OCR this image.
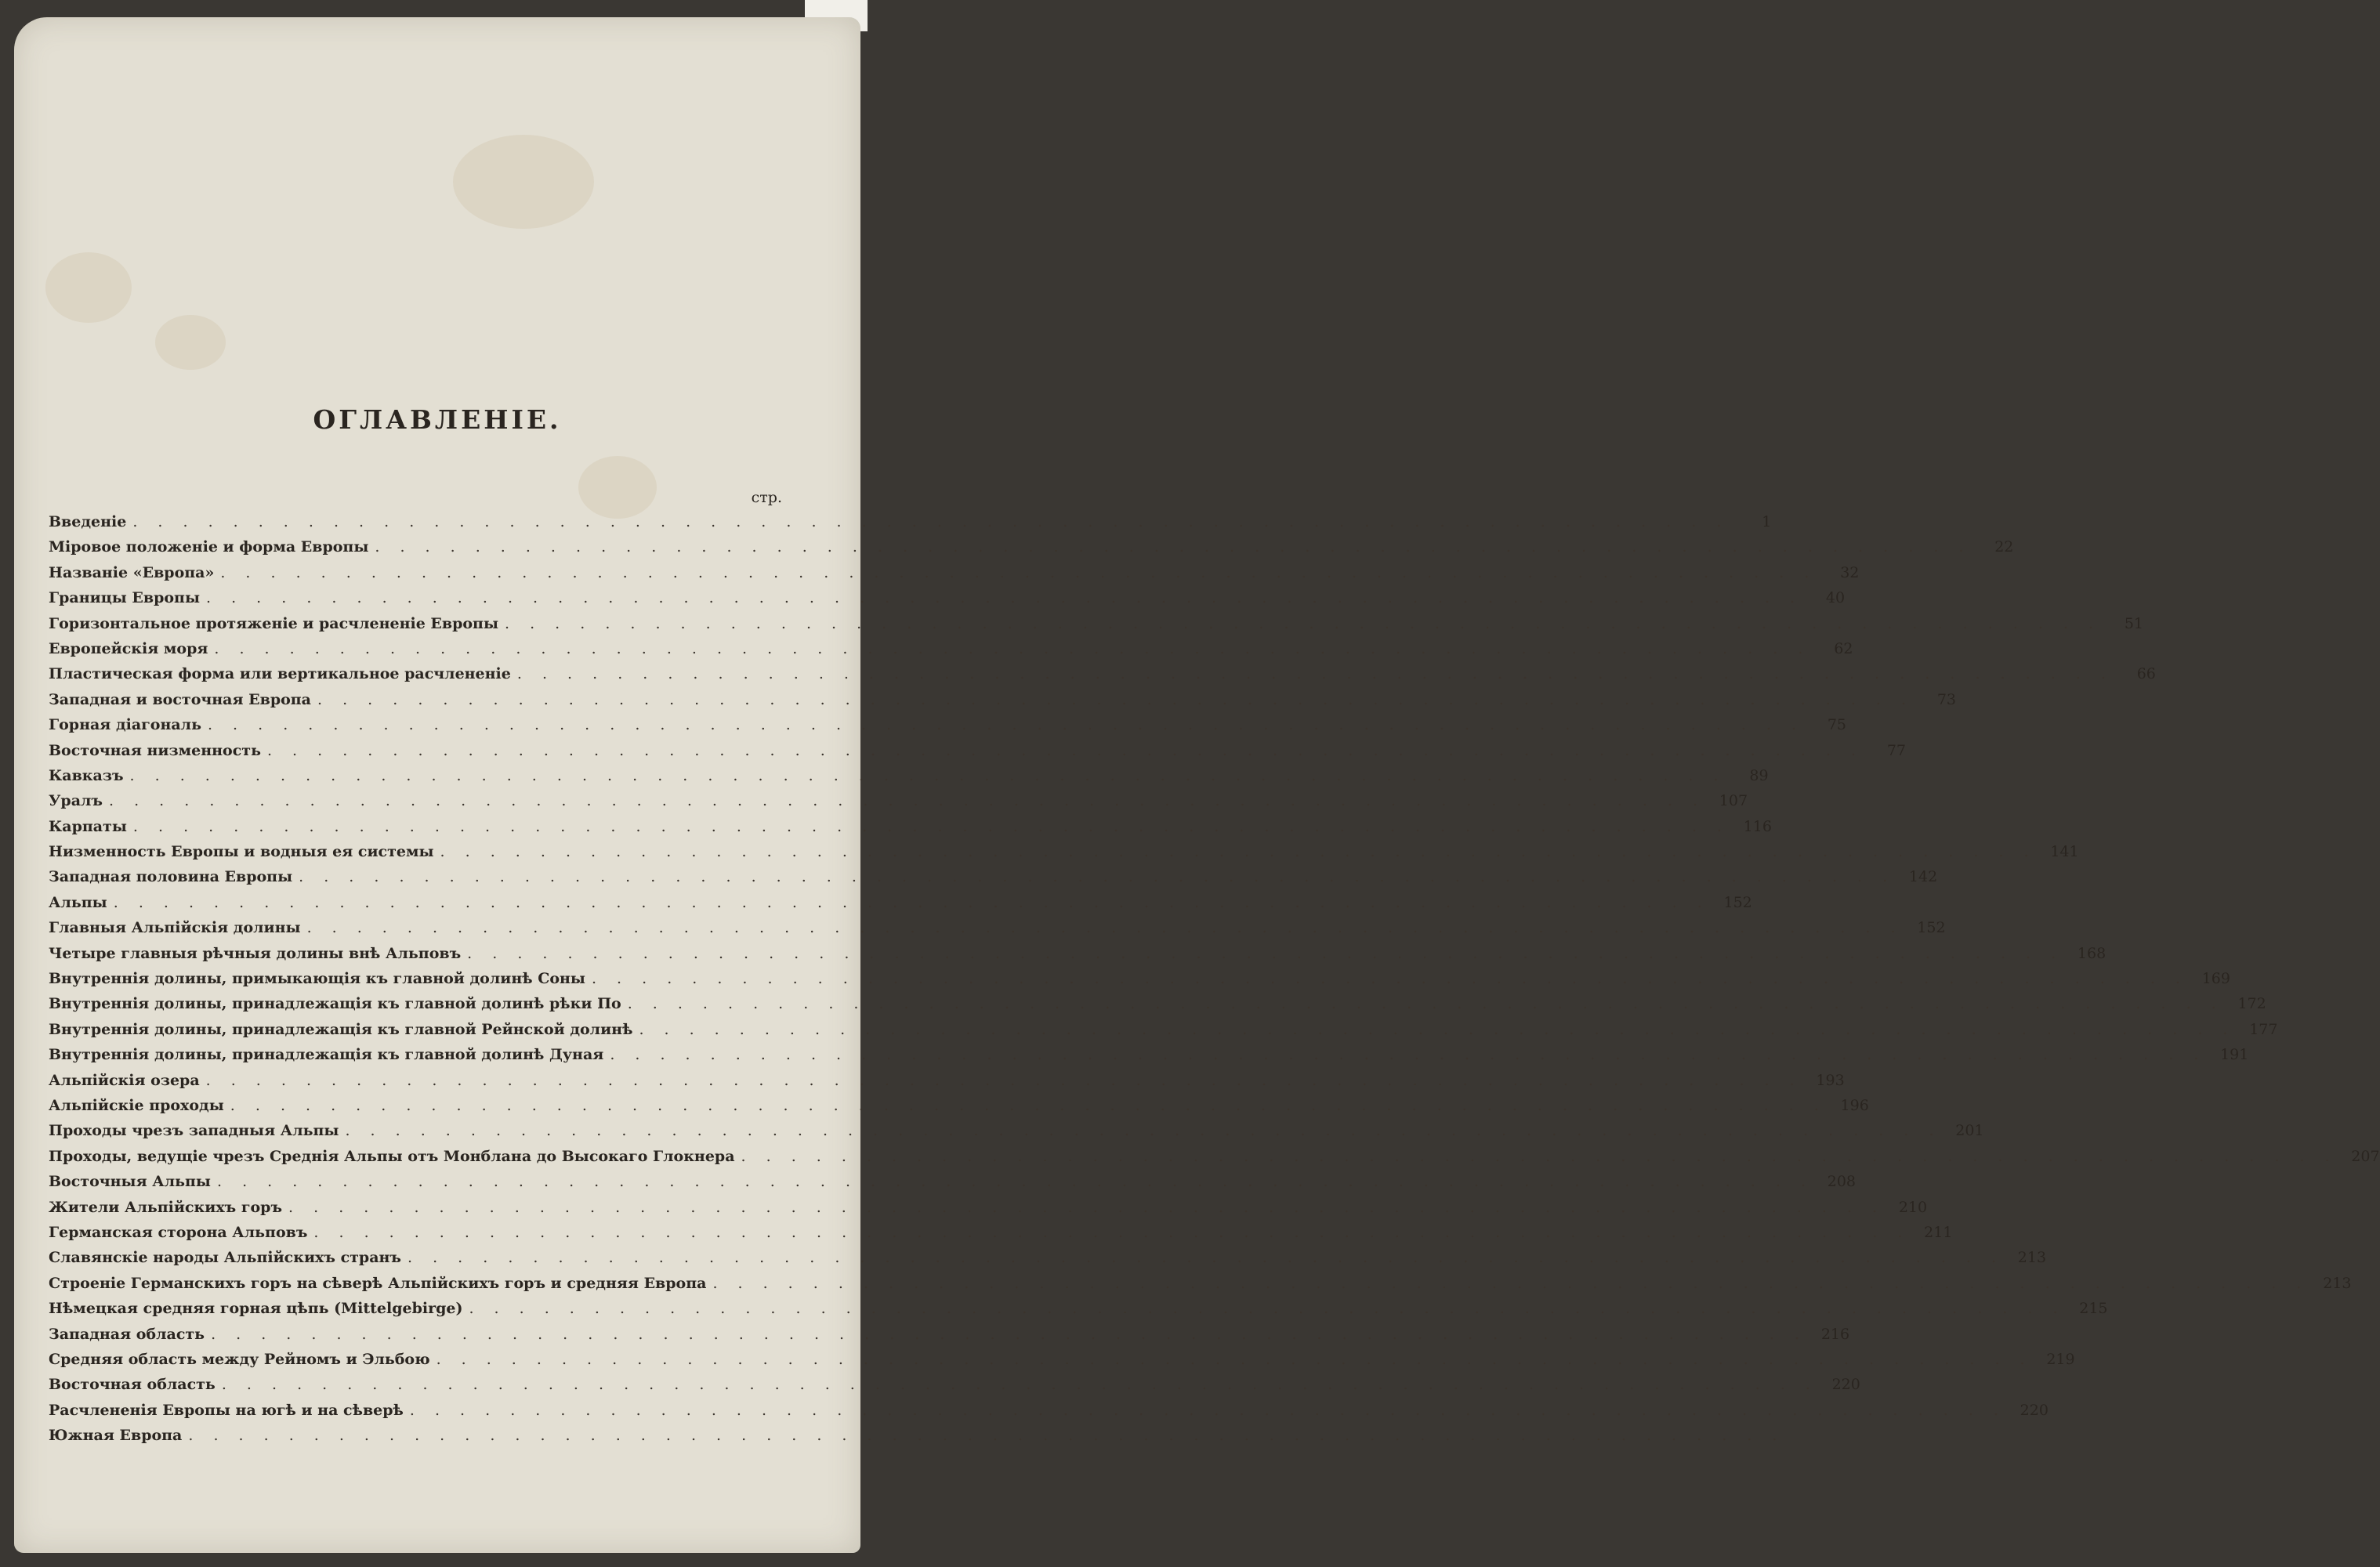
ОГЛАВЛЕНІЕ.
стр.
Введеніе . . .	1
Міровое положеніе и форма Европы . . .	22
Названіе «Европа» . . .	32
Границы Европы . . .	40
Горизонтальное протяженіе и расчлененіе Европы . . .	51
Европейскія моря . . .	62
Пластическая форма или вертикальное расчлененіе . . .	66
Западная и восточная Европа . . .	73
Горная діагональ . . .	75
Восточная низменность . . .	77
Кавказъ . . .	89
Уралъ . . .	107
Карпаты . . .	116
Низменность Европы и водныя ея системы . . .	141
Западная половина Европы . . .	142
Альпы . . .	152
Главныя Альпійскія долины . . .	152
Четыре главныя рѣчныя долины внѣ Альповъ . . .	168
Внутреннія долины, примыкающія къ главной долинѣ Соны . . .	169
Внутреннія долины, принадлежащія къ главной долинѣ рѣки По . . .	172
Внутреннія долины, принадлежащія къ главной Рейнской долинѣ . . .	177
Внутреннія долины, принадлежащія къ главной долинѣ Дуная . . .	191
Альпійскія озера . . .	193
Альпійскіе проходы . . .	196
Проходы чрезъ западныя Альпы . . .	201
Проходы, ведущіе чрезъ Среднія Альпы отъ Монблана до Высокаго Глокнера . . .	207
Восточныя Альпы . . .	208
Жители Альпійскихъ горъ . . .	210
Германская сторона Альповъ . . .	211
Славянскіе народы Альпійскихъ странъ . . .	213
Строеніе Германскихъ горъ на сѣверѣ Альпійскихъ горъ и средняя Европа . . .	213
Нѣмецкая средняя горная цѣпь (Mittelgebirge) . . .	215
Западная область . . .	216
Средняя область между Рейномъ и Эльбою . . .	219
Восточная область . . .	220
Расчлененія Европы на югѣ и на сѣверѣ . . .	220
Южная Европа
. . .
